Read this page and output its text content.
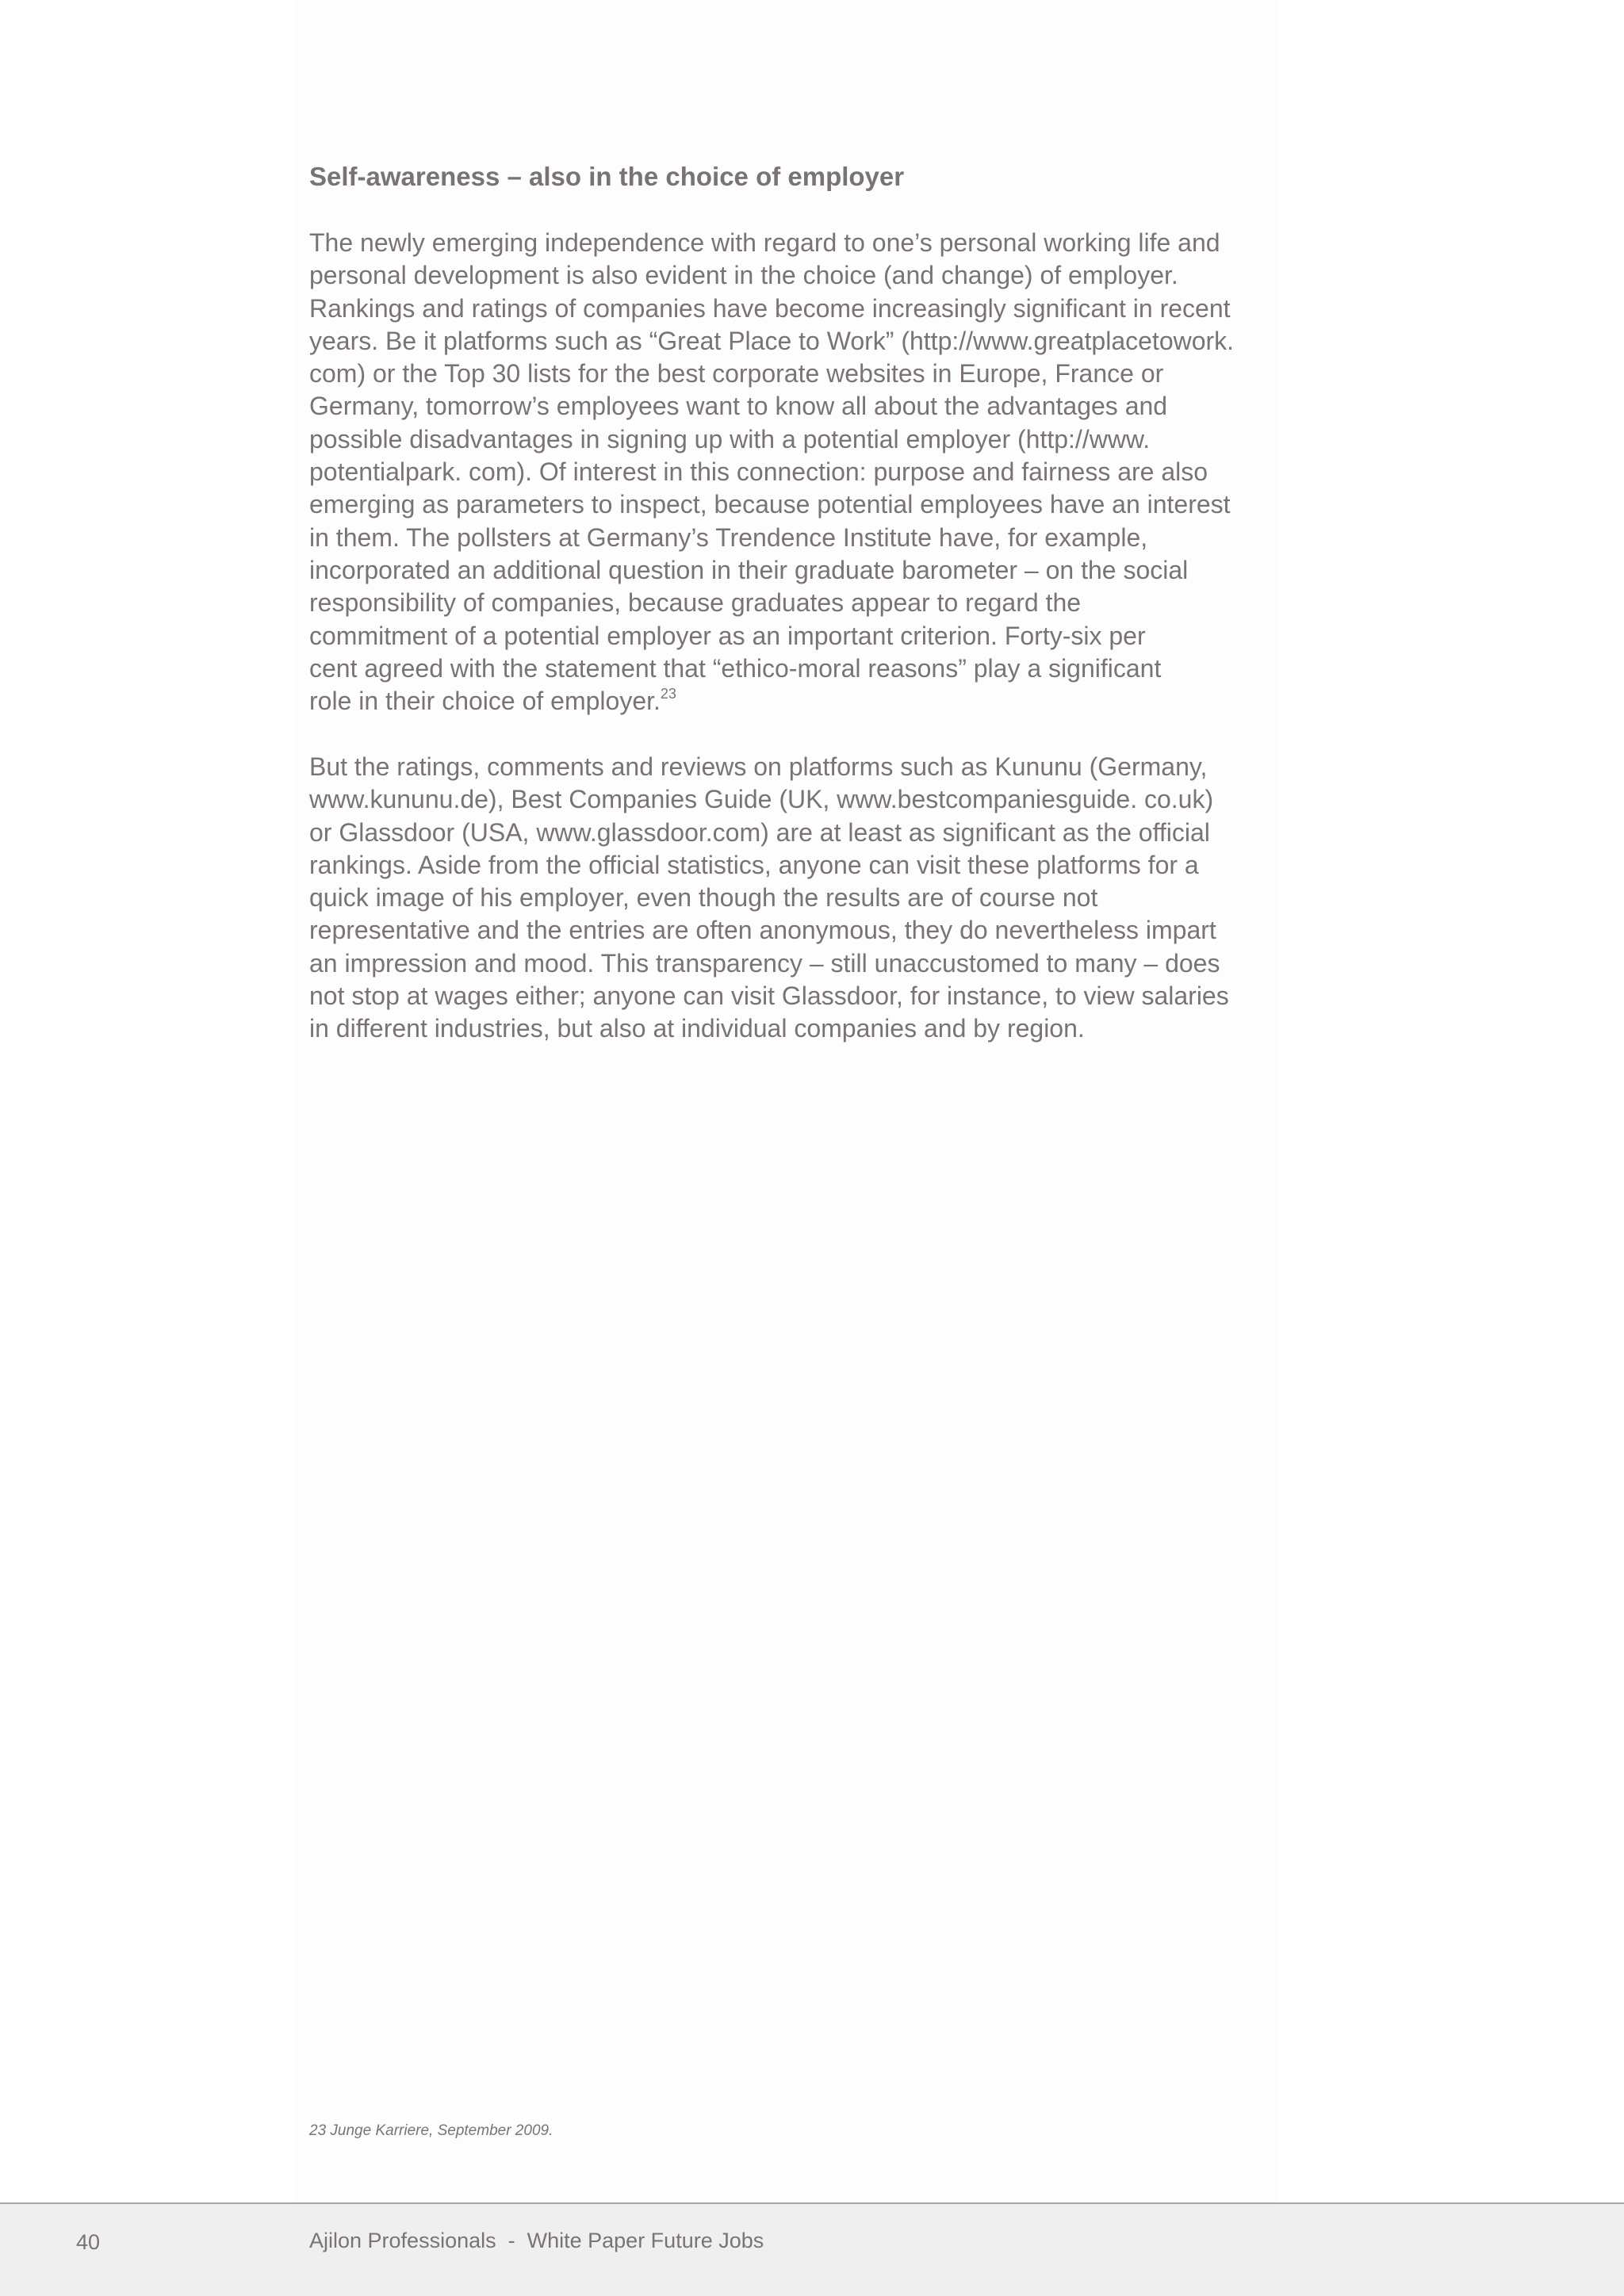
Self-awareness – also in the choice of employer

The newly emerging independence with regard to one’s personal working life and
personal development is also evident in the choice (and change) of employer.
Rankings and ratings of companies have become increasingly significant in recent
years. Be it platforms such as “Great Place to Work” (http://www.greatplacetowork.
com) or the Top 30 lists for the best corporate websites in Europe, France or
Germany, tomorrow’s employees want to know all about the advantages and
possible disadvantages in signing up with a potential employer (http://www.
potentialpark. com). Of interest in this connection: purpose and fairness are also
emerging as parameters to inspect, because potential employees have an interest
in them. The pollsters at Germany’s Trendence Institute have, for example,
incorporated an additional question in their graduate barometer – on the social
responsibility of companies, because graduates appear to regard the
commitment of a potential employer as an important criterion. Forty-six per
cent agreed with the statement that “ethico-moral reasons” play a significant
role in their choice of employer.$^{23}$

But the ratings, comments and reviews on platforms such as Kununu (Germany,
www.kununu.de), Best Companies Guide (UK, www.bestcompaniesguide. co.uk)
or Glassdoor (USA, www.glassdoor.com) are at least as significant as the official
rankings. Aside from the official statistics, anyone can visit these platforms for a
quick image of his employer, even though the results are of course not
representative and the entries are often anonymous, they do nevertheless impart
an impression and mood. This transparency – still unaccustomed to many – does
not stop at wages either; anyone can visit Glassdoor, for instance, to view salaries
in different industries, but also at individual companies and by region.

23 Junge Karriere, September 2009.

40	Ajilon Professionals  -  White Paper Future Jobs
